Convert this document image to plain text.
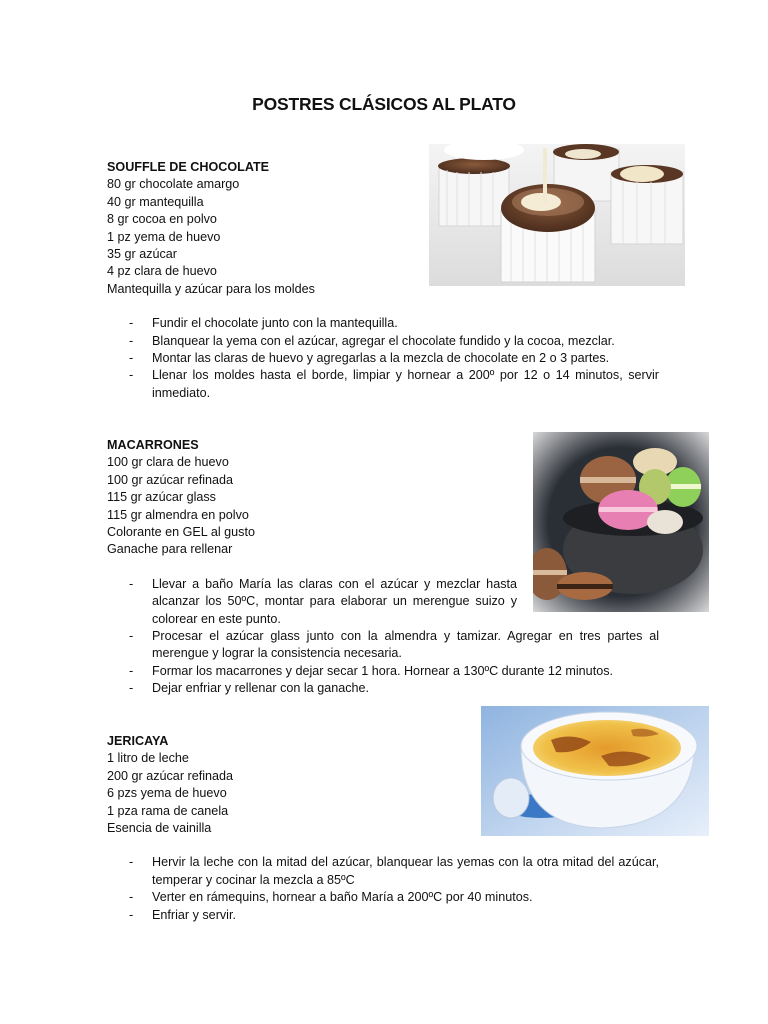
POSTRES CLÁSICOS AL PLATO
SOUFFLE DE CHOCOLATE
80 gr chocolate amargo
40 gr mantequilla
8 gr cocoa en polvo
1 pz yema de huevo
35 gr azúcar
4 pz clara de huevo
Mantequilla y azúcar para los moldes
- Fundir el chocolate junto con la mantequilla.
- Blanquear la yema con el azúcar, agregar el chocolate fundido y la cocoa, mezclar.
- Montar las claras de huevo y agregarlas a la mezcla de chocolate en 2 o 3 partes.
- Llenar los moldes hasta el borde, limpiar y hornear a 200º por 12 o 14 minutos, servir inmediato.
MACARRONES
100 gr clara de huevo
100 gr azúcar refinada
115 gr azúcar glass
115 gr almendra en polvo
Colorante en GEL al gusto
Ganache para rellenar
- Llevar a baño María las claras con el azúcar y mezclar hasta alcanzar los 50ºC, montar para elaborar un merengue suizo y colorear en este punto.
- Procesar el azúcar glass junto con la almendra y tamizar. Agregar en tres partes al merengue y lograr la consistencia necesaria.
- Formar los macarrones y dejar secar 1 hora. Hornear a 130ºC durante 12 minutos.
- Dejar enfriar y rellenar con la ganache.
JERICAYA
1 litro de leche
200 gr azúcar refinada
6 pzs yema de huevo
1 pza rama de canela
Esencia de vainilla
- Hervir la leche con la mitad del azúcar, blanquear las yemas con la otra mitad del azúcar, temperar y cocinar la mezcla a 85ºC
- Verter en rámequins, hornear a baño María a 200ºC por 40 minutos.
- Enfriar y servir.
